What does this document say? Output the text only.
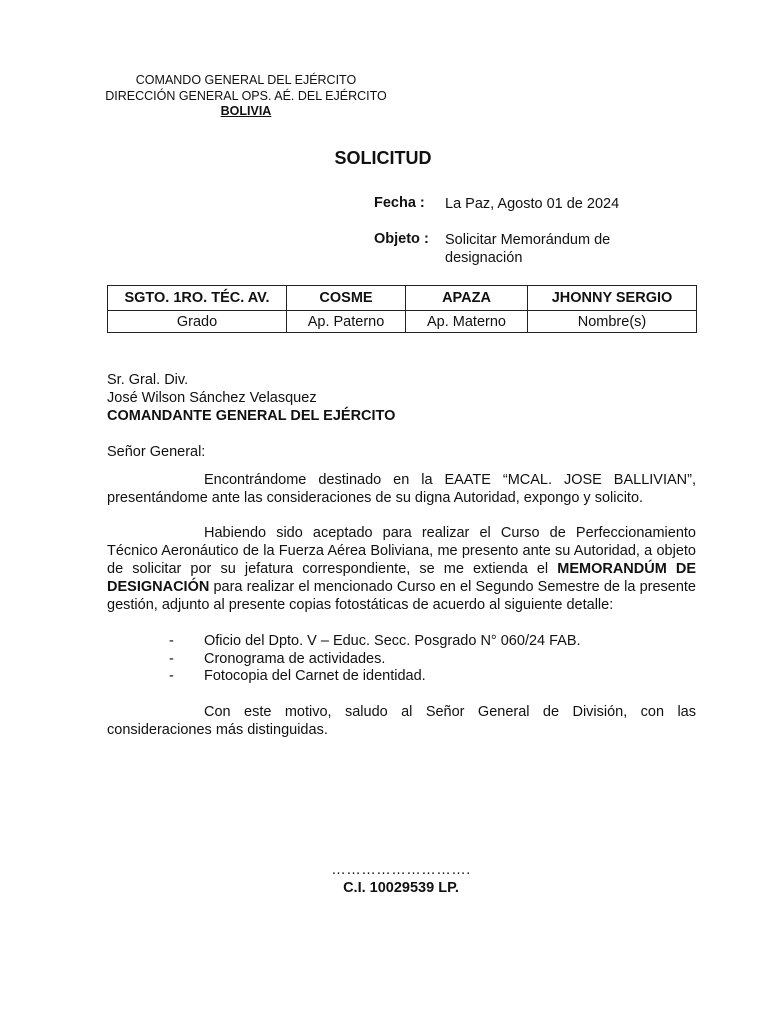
COMANDO GENERAL DEL EJÉRCITO
DIRECCIÓN GENERAL OPS. AÉ. DEL EJÉRCITO
BOLIVIA
SOLICITUD
Fecha : La Paz, Agosto 01 de 2024
Objeto : Solicitar Memorándum de designación
SGTO. 1RO. TÉC. AV.	COSME	APAZA	JHONNY SERGIO
Grado	Ap. Paterno	Ap. Materno	Nombre(s)
Sr. Gral. Div.
José Wilson Sánchez Velasquez
COMANDANTE GENERAL DEL EJÉRCITO
Señor General:
Encontrándome destinado en la EAATE “MCAL. JOSE BALLIVIAN”, presentándome ante las consideraciones de su digna Autoridad, expongo y solicito.
Habiendo sido aceptado para realizar el Curso de Perfeccionamiento Técnico Aeronáutico de la Fuerza Aérea Boliviana, me presento ante su Autoridad, a objeto de solicitar por su jefatura correspondiente, se me extienda el MEMORANDÚM DE DESIGNACIÓN para realizar el mencionado Curso en el Segundo Semestre de la presente gestión, adjunto al presente copias fotostáticas de acuerdo al siguiente detalle:
- Oficio del Dpto. V – Educ. Secc. Posgrado N° 060/24 FAB.
- Cronograma de actividades.
- Fotocopia del Carnet de identidad.
Con este motivo, saludo al Señor General de División, con las consideraciones más distinguidas.
……………………….
C.I. 10029539 LP.
